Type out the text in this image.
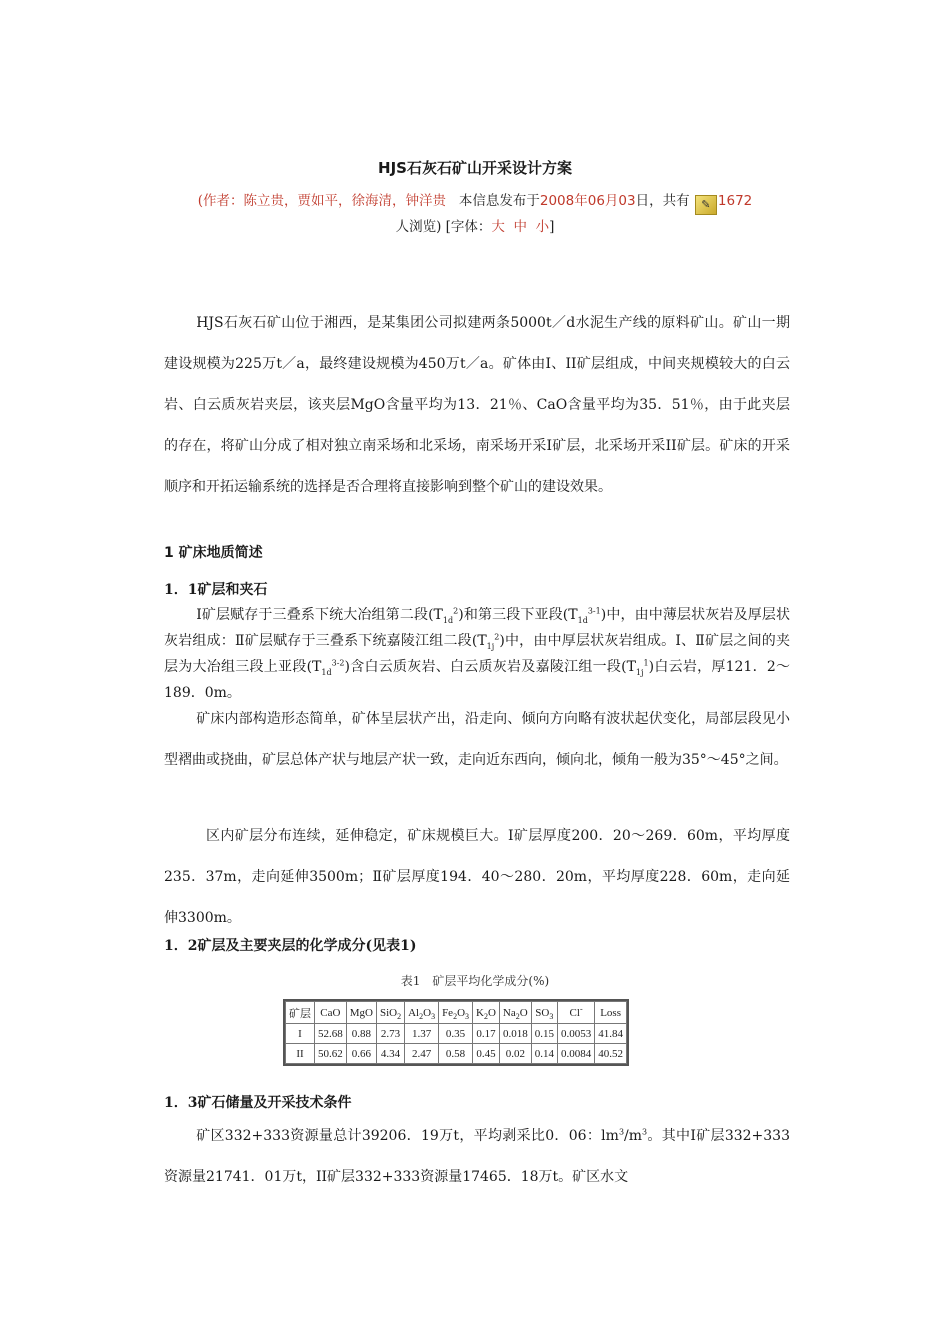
HJS石灰石矿山开采设计方案
(作者：陈立贵，贾如平，徐海清，钟洋贵 本信息发布于2008年06月03日，共有 ✎ 1672
人浏览) [字体：大 中 小]

HJS石灰石矿山位于湘西，是某集团公司拟建两条5000t／d水泥生产线的原料矿山。矿山一期建设规模为225万t／a，最终建设规模为450万t／a。矿体由I、II矿层组成，中间夹规模较大的白云岩、白云质灰岩夹层，该夹层MgO含量平均为13．21％、CaO含量平均为35．51％，由于此夹层的存在，将矿山分成了相对独立南采场和北采场，南采场开采I矿层，北采场开采II矿层。矿床的开采顺序和开拓运输系统的选择是否合理将直接影响到整个矿山的建设效果。

1 矿床地质简述
1．1矿层和夹石

Ⅰ矿层赋存于三叠系下统大冶组第二段$(T_{1d}^2)$和第三段下亚段$(T_{1d}^{3-1})$中，由中薄层状灰岩及厚层状灰岩组成：Ⅱ矿层赋存于三叠系下统嘉陵江组二段$(T_{1j}^2)$中，由中厚层状灰岩组成。I、Ⅱ矿层之间的夹层为大冶组三段上亚段$(T_{1d}^{3-2})$含白云质灰岩、白云质灰岩及嘉陵江组一段$(T_{1j}^1)$白云岩，厚121．2～189．0m。

矿床内部构造形态简单，矿体呈层状产出，沿走向、倾向方向略有波状起伏变化，局部层段见小型褶曲或挠曲，矿层总体产状与地层产状一致，走向近东西向，倾向北，倾角一般为35°～45°之间。

区内矿层分布连续，延伸稳定，矿床规模巨大。I矿层厚度200．20～269．60m，平均厚度235．37m，走向延伸3500m；Ⅱ矿层厚度194．40～280．20m，平均厚度228．60m，走向延伸3300m。

1．2矿层及主要夹层的化学成分(见表1)
表1　矿层平均化学成分(%)
矿层	CaO	MgO	SiO$_2$	$Al_2O_3$	$Fe_2O_3$	$K_2O$	$Na_2O$	$SO_3$	Cl-	Loss
I	52.68	0.88	2.73	1.37	0.35	0.17	0.018	0.15	0.0053	41.84
II	50.62	0.66	4.34	2.47	0.58	0.45	0.02	0.14	0.0084	40.52
1．3矿石储量及开采技术条件

矿区332+333资源量总计39206．19万t，平均剥采比0．06：$lm^3/m^3$。其中I矿层332+333资源量21741．01万t，II矿层332+333资源量17465．18万t。矿区水文
